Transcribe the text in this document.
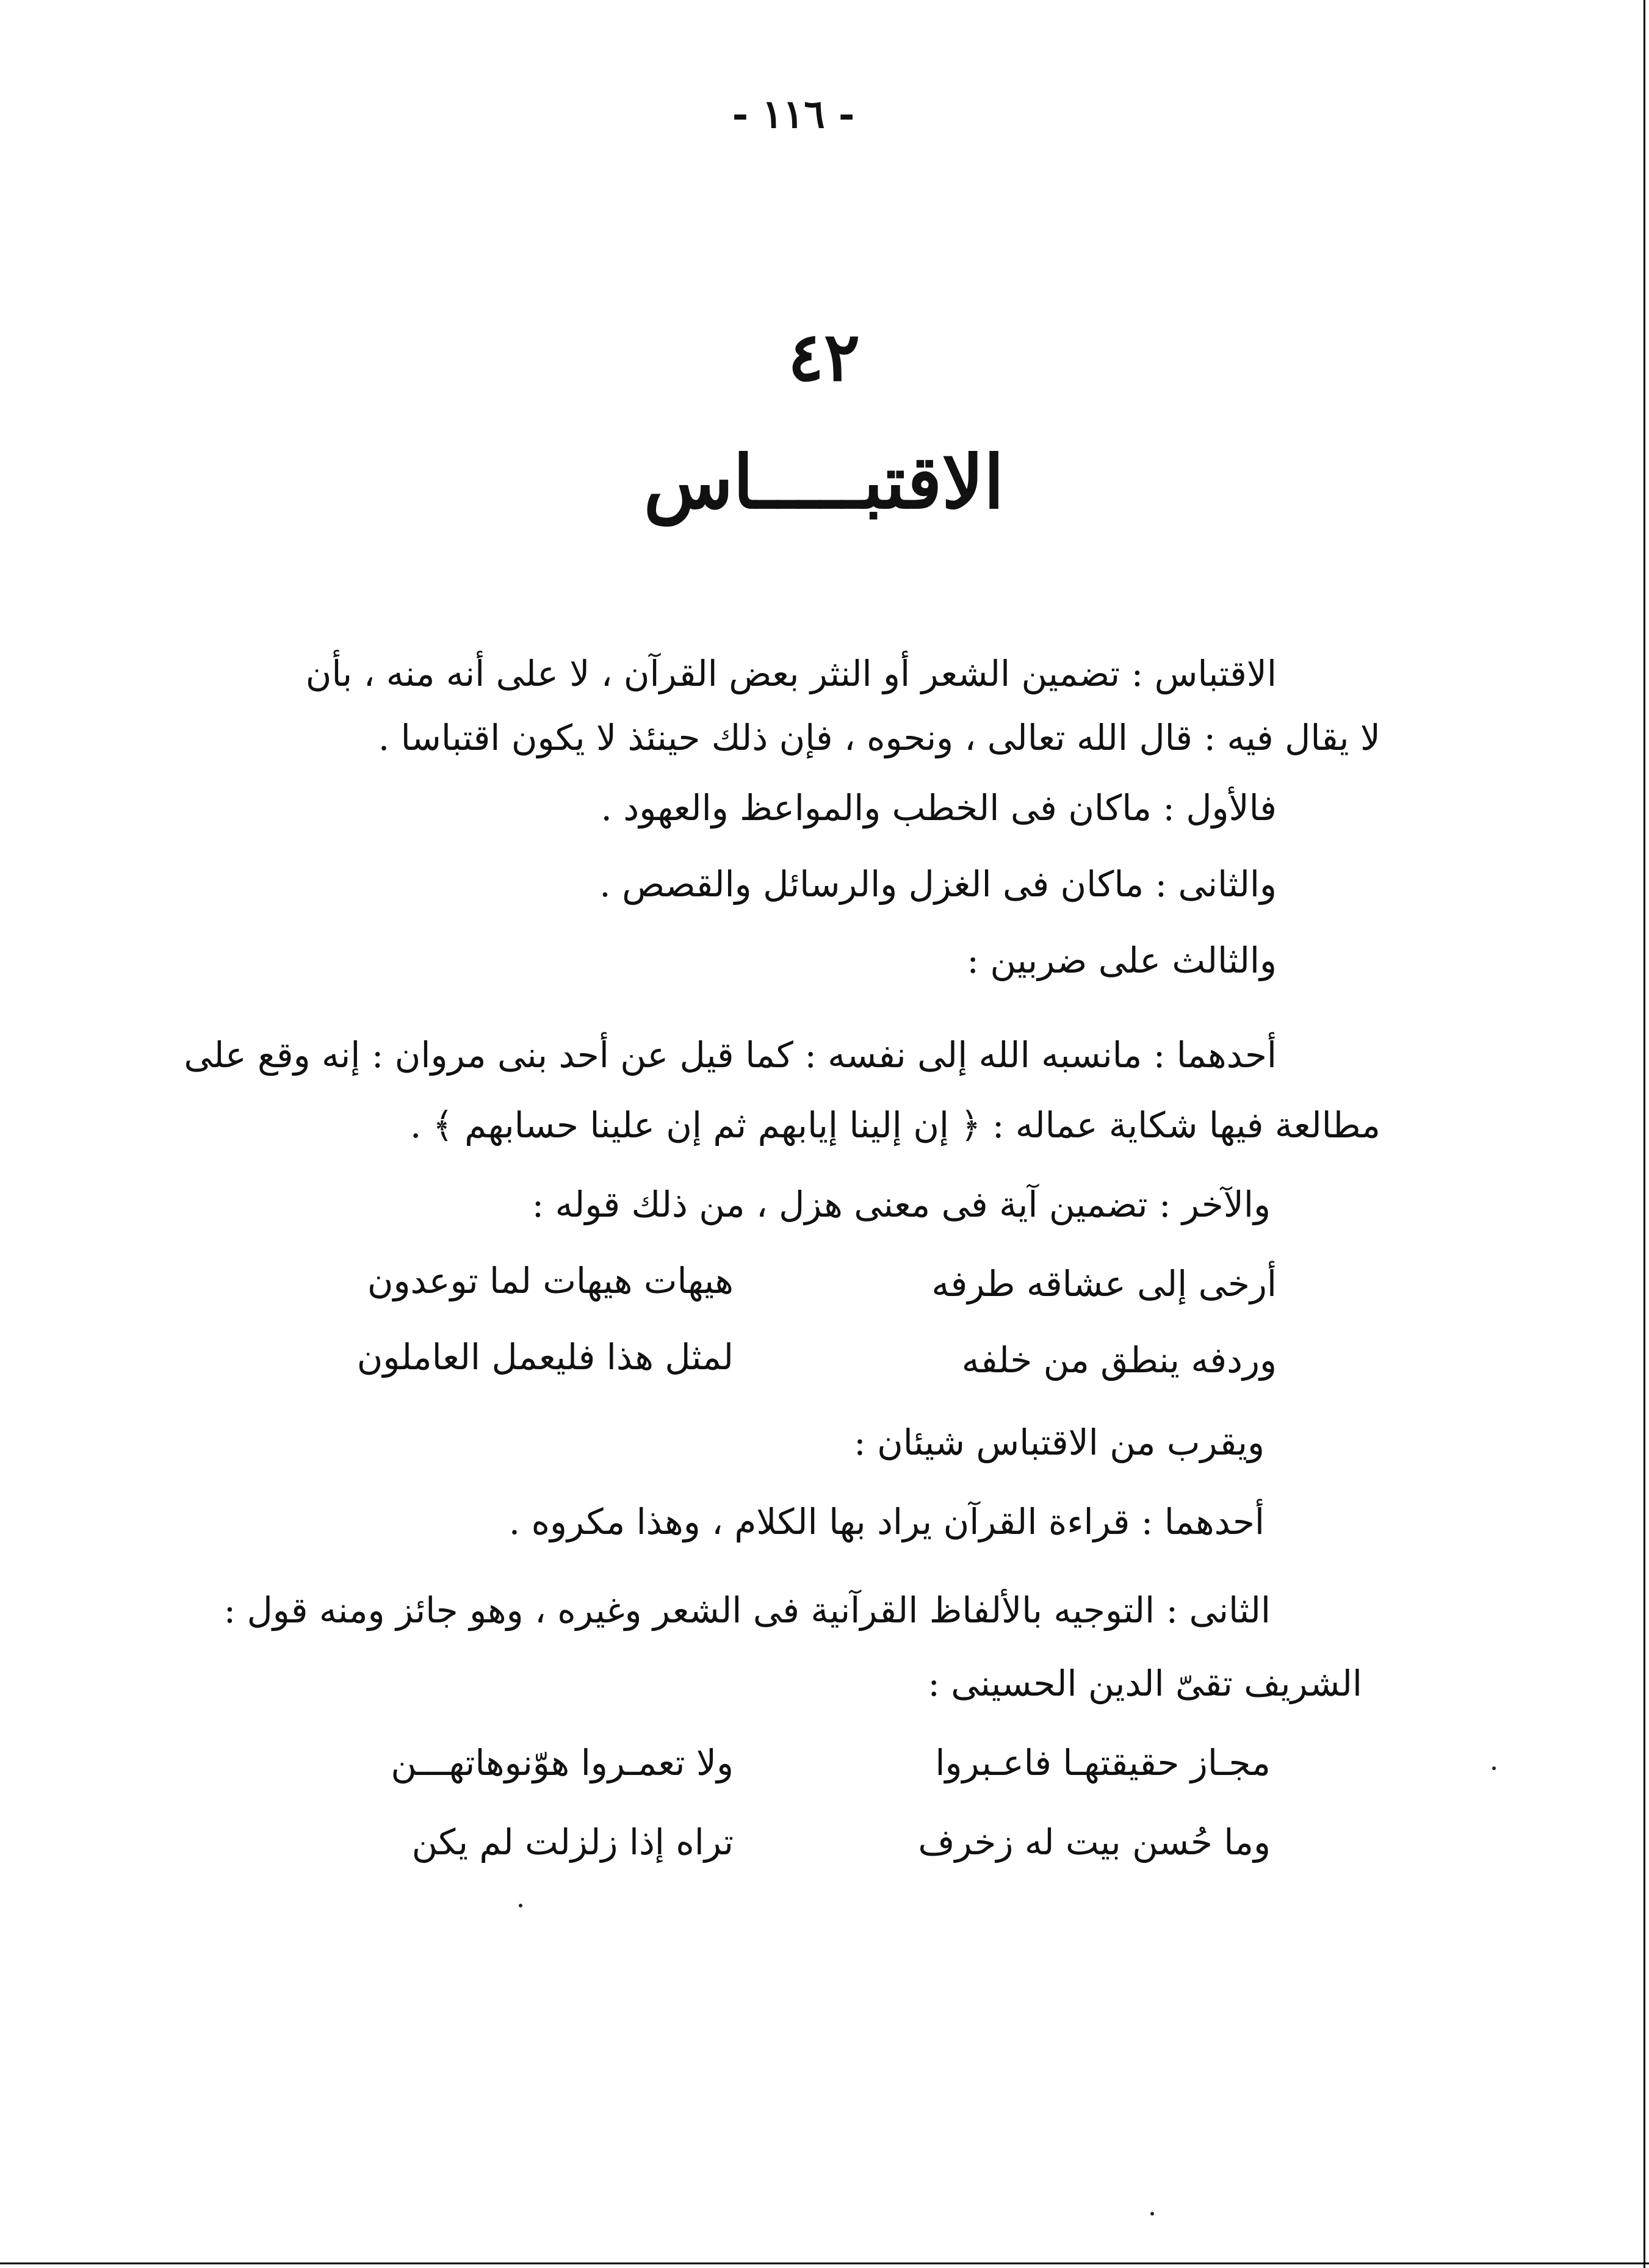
- ١١٦ -
٤٢
الاقتبـــــاس
الاقتباس : تضمين الشعر أو النثر بعض القرآن ، لا على أنه منه ، بأن
لا يقال فيه : قال الله تعالى ، ونحوه ، فإن ذلك حينئذ لا يكون اقتباسا .
فالأول : ماكان فى الخطب والمواعظ والعهود .
والثانى : ماكان فى الغزل والرسائل والقصص .
والثالث على ضربين :
أحدهما : مانسبه الله إلى نفسه : كما قيل عن أحد بنى مروان : إنه وقع على
مطالعة فيها شكاية عماله : ﴿ إن إلينا إيابهم ثم إن علينا حسابهم ﴾ .
والآخر : تضمين آية فى معنى هزل ، من ذلك قوله :
أرخى إلى عشاقه طرفه
هيهات هيهات لما توعدون
وردفه ينطق من خلفه
لمثل هذا فليعمل العاملون
ويقرب من الاقتباس شيئان :
أحدهما : قراءة القرآن يراد بها الكلام ، وهذا مكروه .
الثانى : التوجيه بالألفاظ القرآنية فى الشعر وغيره ، وهو جائز ومنه قول :
الشريف تقىّ الدين الحسينى :
مجـاز حقيقتهـا فاعـبروا
ولا تعمـروا هوّنوهاتهـــن
وما حُسن بيت له زخرف
تراه إذا زلزلت لم يكن
